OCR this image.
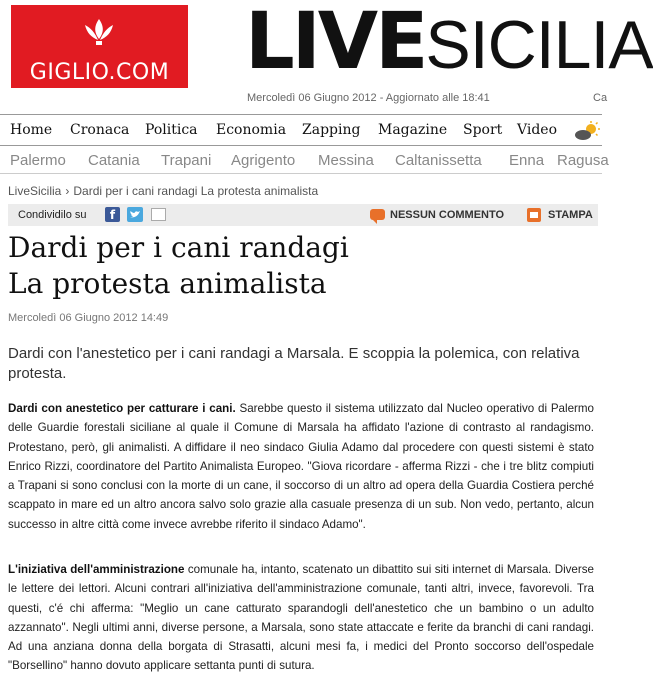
GIGLIO.COM LIVESICILIA
Mercoledì 06 Giugno 2012 - Aggiornato alle 18:41	Ca
Home Cronaca Politica Economia Zapping Magazine Sport Video
Palermo Catania Trapani Agrigento Messina Caltanissetta Enna Ragusa
LiveSicilia › Dardi per i cani randagi La protesta animalista
Condividilo su	f	NESSUN COMMENTO	STAMPA
Dardi per i cani randagi
La protesta animalista
Mercoledì 06 Giugno 2012 14:49
Dardi con l'anestetico per i cani randagi a Marsala. E scoppia la polemica, con relativa protesta.
Dardi con anestetico per catturare i cani. Sarebbe questo il sistema utilizzato dal Nucleo operativo di Palermo delle Guardie forestali siciliane al quale il Comune di Marsala ha affidato l'azione di contrasto al randagismo. Protestano, però, gli animalisti. A diffidare il neo sindaco Giulia Adamo dal procedere con questi sistemi è stato Enrico Rizzi, coordinatore del Partito Animalista Europeo. "Giova ricordare - afferma Rizzi - che i tre blitz compiuti a Trapani si sono conclusi con la morte di un cane, il soccorso di un altro ad opera della Guardia Costiera perché scappato in mare ed un altro ancora salvo solo grazie alla casuale presenza di un sub. Non vedo, pertanto, alcun successo in altre città come invece avrebbe riferito il sindaco Adamo".
L'iniziativa dell'amministrazione comunale ha, intanto, scatenato un dibattito sui siti internet di Marsala. Diverse le lettere dei lettori. Alcuni contrari all'iniziativa dell'amministrazione comunale, tanti altri, invece, favorevoli. Tra questi, c'é chi afferma: "Meglio un cane catturato sparandogli dell'anestetico che un bambino o un adulto azzannato". Negli ultimi anni, diverse persone, a Marsala, sono state attaccate e ferite da branchi di cani randagi. Ad una anziana donna della borgata di Strasatti, alcuni mesi fa, i medici del Pronto soccorso dell'ospedale "Borsellino" hanno dovuto applicare settanta punti di sutura.
